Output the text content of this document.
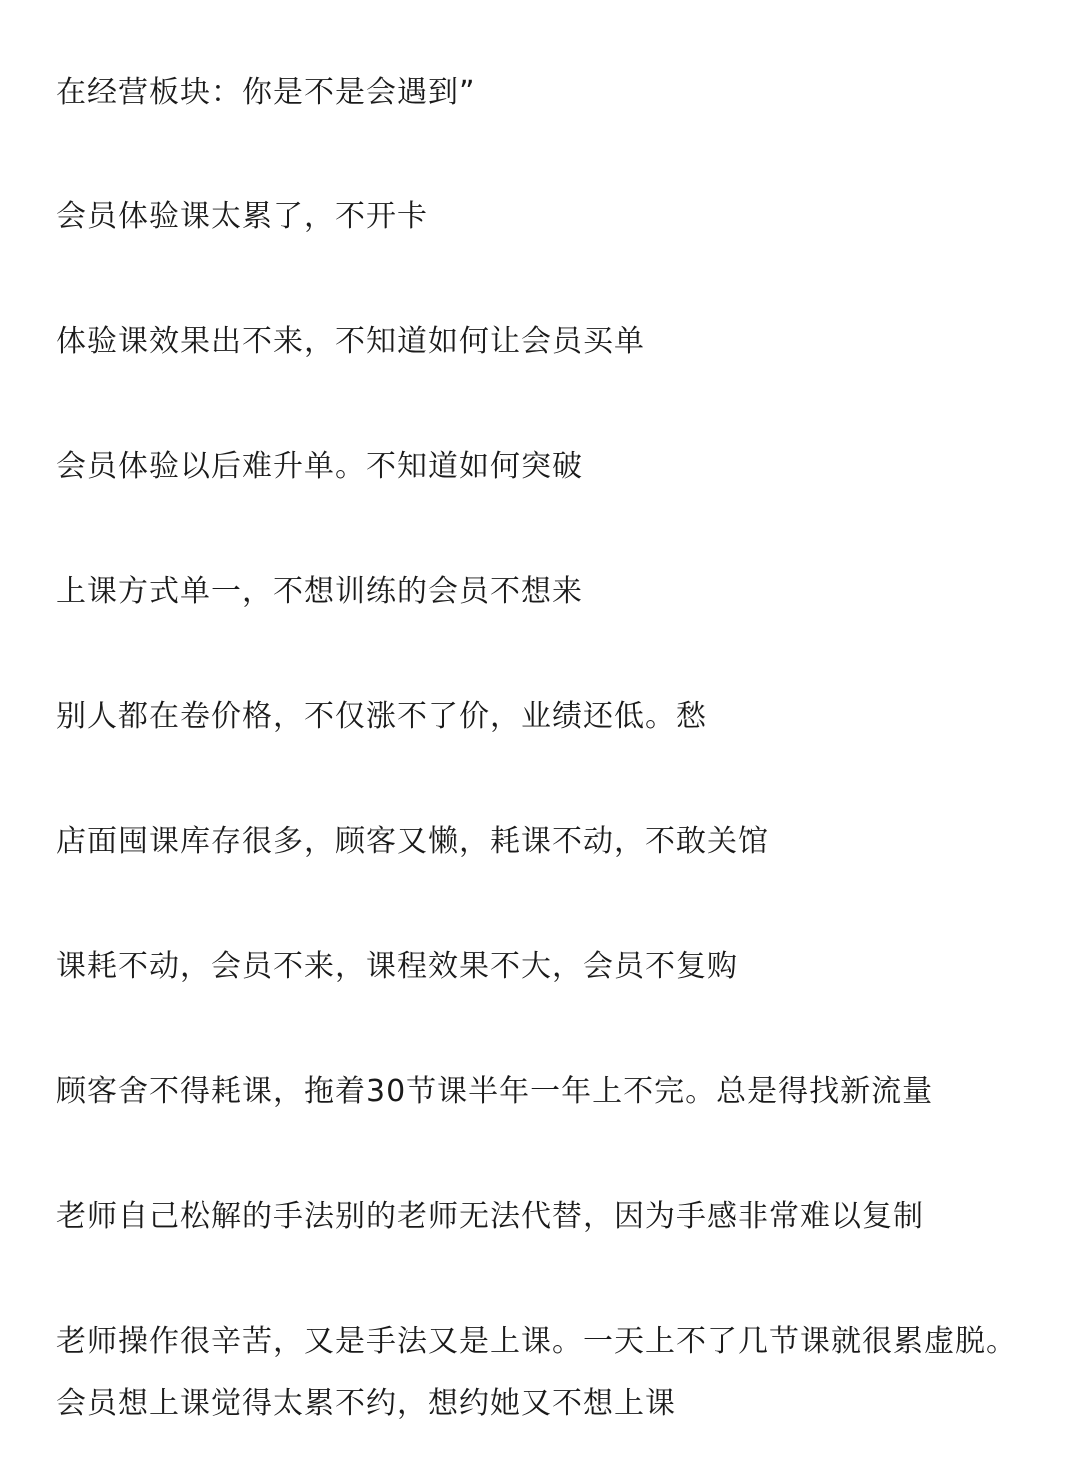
在经营板块：你是不是会遇到”

会员体验课太累了，不开卡

体验课效果出不来，不知道如何让会员买单

会员体验以后难升单。不知道如何突破

上课方式单一，不想训练的会员不想来

别人都在卷价格，不仅涨不了价，业绩还低。愁

店面囤课库存很多，顾客又懒，耗课不动，不敢关馆

课耗不动，会员不来，课程效果不大，会员不复购

顾客舍不得耗课，拖着30节课半年一年上不完。总是得找新流量

老师自己松解的手法别的老师无法代替，因为手感非常难以复制

老师操作很辛苦，又是手法又是上课。一天上不了几节课就很累虚脱。会员想上课觉得太累不约，想约她又不想上课
